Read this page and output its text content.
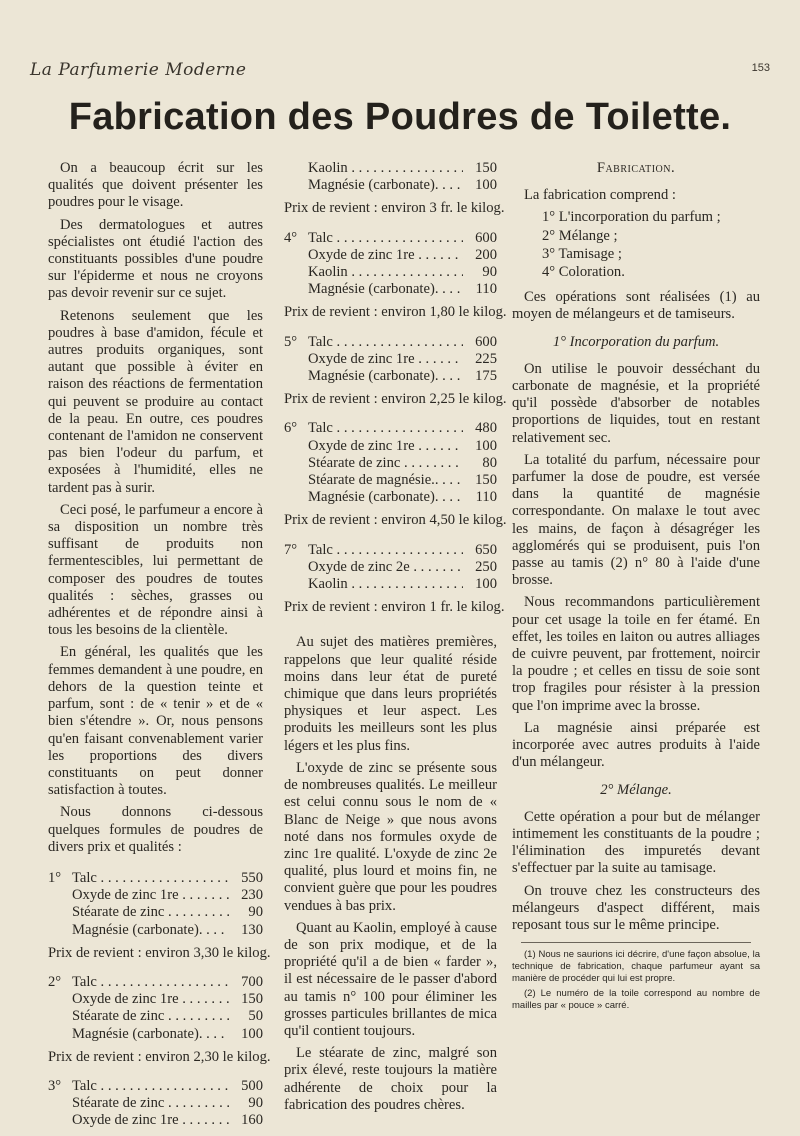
La Parfumerie Moderne	153
Fabrication des Poudres de Toilette.

On a beaucoup écrit sur les qualités que doivent présenter les poudres pour le visage.

Des dermatologues et autres spécialistes ont étudié l'action des constituants possibles d'une poudre sur l'épiderme et nous ne croyons pas devoir revenir sur ce sujet.

Retenons seulement que les poudres à base d'amidon, fécule et autres produits organiques, sont autant que possible à éviter en raison des réactions de fermentation qui peuvent se produire au contact de la peau. En outre, ces poudres contenant de l'amidon ne conservent pas bien l'odeur du parfum, et exposées à l'humidité, elles ne tardent pas à surir.

Ceci posé, le parfumeur a encore à sa disposition un nombre très suffisant de produits non fermentescibles, lui permettant de composer des poudres de toutes qualités : sèches, grasses ou adhérentes et de répondre ainsi à tous les besoins de la clientèle.

En général, les qualités que les femmes demandent à une poudre, en dehors de la question teinte et parfum, sont : de « tenir » et de « bien s'étendre ». Or, nous pensons qu'en faisant convenablement varier les proportions des divers constituants on peut donner satisfaction à toutes.

Nous donnons ci-dessous quelques formules de poudres de divers prix et qualités :

1° Talc . . .	550
Oxyde de zinc 1re . . .	230
Stéarate de zinc . . .	90
Magnésie (carbonate). . . .	130
Prix de revient : environ 3,30 le kilog.
2° Talc . . .	700
Oxyde de zinc 1re . . .	150
Stéarate de zinc . . .	50
Magnésie (carbonate). . . .	100
Prix de revient : environ 2,30 le kilog.
3° Talc . . .	500
Stéarate de zinc . . .	90
Oxyde de zinc 1re . . .	160
Kaolin . . .	150
Magnésie (carbonate). . . .	100
Prix de revient : environ 3 fr. le kilog.
4° Talc . . .	600
Oxyde de zinc 1re . . .	200
Kaolin . . .	90
Magnésie (carbonate). . . .	110
Prix de revient : environ 1,80 le kilog.
5° Talc . . .	600
Oxyde de zinc 1re . . .	225
Magnésie (carbonate). . . .	175
Prix de revient : environ 2,25 le kilog.
6° Talc . . .	480
Oxyde de zinc 1re . . .	100
Stéarate de zinc . . .	80
Stéarate de magnésie.. . . .	150
Magnésie (carbonate). . . .	110
Prix de revient : environ 4,50 le kilog.
7° Talc . . .	650
Oxyde de zinc 2e . . .	250
Kaolin . . .	100
Prix de revient : environ 1 fr. le kilog.

Au sujet des matières premières, rappelons que leur qualité réside moins dans leur état de pureté chimique que dans leurs propriétés physiques et leur aspect. Les produits les meilleurs sont les plus légers et les plus fins.

L'oxyde de zinc se présente sous de nombreuses qualités. Le meilleur est celui connu sous le nom de « Blanc de Neige » que nous avons noté dans nos formules oxyde de zinc 1re qualité. L'oxyde de zinc 2e qualité, plus lourd et moins fin, ne convient guère que pour les poudres vendues à bas prix.

Quant au Kaolin, employé à cause de son prix modique, et de la propriété qu'il a de bien « farder », il est nécessaire de le passer d'abord au tamis n° 100 pour éliminer les grosses particules brillantes de mica qu'il contient toujours.

Le stéarate de zinc, malgré son prix élevé, reste toujours la matière adhérente de choix pour la fabrication des poudres chères.

Fabrication.

La fabrication comprend :

1° L'incorporation du parfum ;
2° Mélange ;
3° Tamisage ;
4° Coloration.

Ces opérations sont réalisées (1) au moyen de mélangeurs et de tamiseurs.

1° Incorporation du parfum.

On utilise le pouvoir desséchant du carbonate de magnésie, et la propriété qu'il possède d'absorber de notables proportions de liquides, tout en restant relativement sec.

La totalité du parfum, nécessaire pour parfumer la dose de poudre, est versée dans la quantité de magnésie correspondante. On malaxe le tout avec les mains, de façon à désagréger les agglomérés qui se produisent, puis l'on passe au tamis (2) n° 80 à l'aide d'une brosse.

Nous recommandons particulièrement pour cet usage la toile en fer étamé. En effet, les toiles en laiton ou autres alliages de cuivre peuvent, par frottement, noircir la poudre ; et celles en tissu de soie sont trop fragiles pour résister à la pression que l'on imprime avec la brosse.

La magnésie ainsi préparée est incorporée avec autres produits à l'aide d'un mélangeur.

2° Mélange.

Cette opération a pour but de mélanger intimement les constituants de la poudre ; l'élimination des impuretés devant s'effectuer par la suite au tamisage.

On trouve chez les constructeurs des mélangeurs d'aspect différent, mais reposant tous sur le même principe.

(1) Nous ne saurions ici décrire, d'une façon absolue, la technique de fabrication, chaque parfumeur ayant sa manière de procéder qui lui est propre.
(2) Le numéro de la toile correspond au nombre de mailles par « pouce » carré.
